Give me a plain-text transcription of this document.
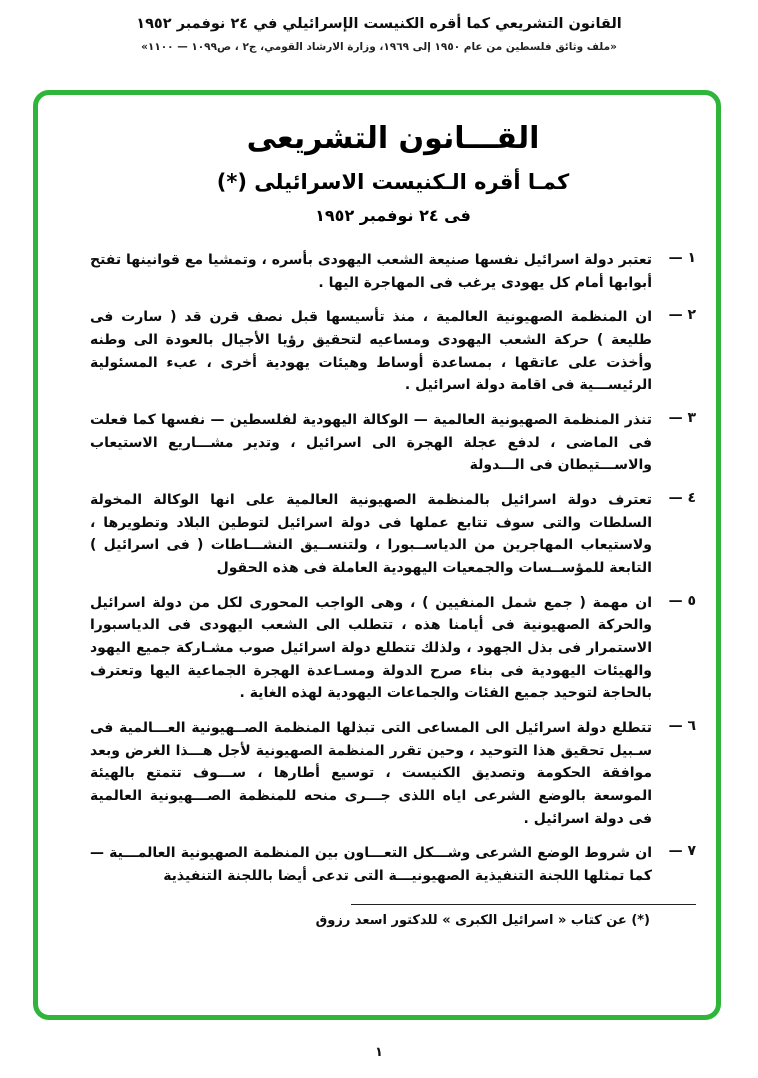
القانون التشريعي كما أقره الكنيست الإسرائيلي في ٢٤ نوفمبر ١٩٥٢
«ملف وثائق فلسطين من عام ١٩٥٠ إلى ١٩٦٩، وزارة الارشاد القومي، ج٢ ، ص١٠٩٩ — ١١٠٠»
القـــانون التشريعى
كمـا أقره الـكنيست الاسرائيلى (*)
فى ٢٤ نوفمبر ١٩٥٢
١ —

تعتبر دولة اسرائيل نفسها صنيعة الشعب اليهودى بأسره ، وتمشيا مع قوانينها تفتح أبوابها أمام كل يهودى يرغب فى المهاجرة اليها .

٢ —

ان المنظمة الصهيونية العالمية ، منذ تأسيسها قبل نصف قرن قد ( سارت فى طليعة ) حركة الشعب اليهودى ومساعيه لتحقيق رؤيا الأجيال بالعودة الى وطنه وأخذت على عاتقها ، بمساعدة أوساط وهيئات يهودية أخرى ، عبء المسئولية الرئيســـية فى اقامة دولة اسرائيل .

٣ —

تنذر المنظمة الصهيونية العالمية — الوكالة اليهودية لفلسطين — نفسها كما فعلت فى الماضى ، لدفع عجلة الهجرة الى اسرائيل ، وتدير مشـــاريع الاستيعاب والاســـتيطان فى الـــدولة

٤ —

تعترف دولة اسرائيل بالمنظمة الصهيونية العالمية على انها الوكالة المخولة السلطات والتى سوف تتابع عملها فى دولة اسرائيل لتوطين البلاد وتطويرها ، ولاستيعاب المهاجرين من الدياســبورا ، ولتنســيق النشـــاطات ( فى اسرائيل ) التابعة للمؤســسات والجمعيات اليهودية العاملة فى هذه الحقول

٥ —

ان مهمة ( جمع شمل المنفيين ) ، وهى الواجب المحورى لكل من دولة اسرائيل والحركة الصهيونية فى أيامنا هذه ، تتطلب الى الشعب اليهودى فى الدياسبورا الاستمرار فى بذل الجهود ، ولذلك تتطلع دولة اسرائيل صوب مشـاركة جميع اليهود والهيئات اليهودية فى بناء صرح الدولة ومسـاعدة الهجرة الجماعية اليها وتعترف بالحاجة لتوحيد جميع الفئات والجماعات اليهودية لهذه الغاية .

٦ —

تتطلع دولة اسرائيل الى المساعى التى تبذلها المنظمة الصــهيونية العـــالمية فى سـبيل تحقيق هذا التوحيد ، وحين تقرر المنظمة الصهيونية لأجل هـــذا الغرض وبعد موافقة الحكومة وتصديق الكنيست ، توسيع أطارها ، ســـوف تتمتع بالهيئة الموسعة بالوضع الشرعى اياه اللذى جـــرى منحه للمنظمة الصـــهيونية العالمية فى دولة اسرائيل .

٧ —

ان شروط الوضع الشرعى وشـــكل التعـــاون بين المنظمة الصهيونية العالمـــية — كما تمثلها اللجنة التنفيذية الصهيونيـــة التى تدعى أيضا باللجنة التنفيذية

(*) عن كتاب « اسرائيل الكبرى » للدكتور اسعد رزوق
١
